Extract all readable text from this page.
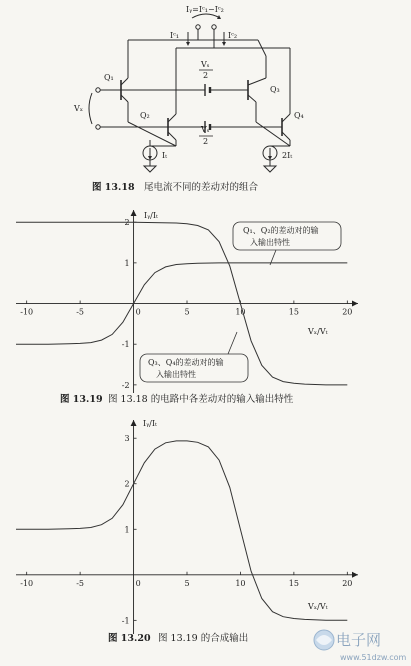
Iᵧ=Iᶜ₁−Iᶜ₂
Iᶜ₁	Iᶜ₂
Q₁
Q₂
Q₃
Q₄
Vₓ
Vₛ
2
Vₛ
2
Iₜ	2Iₜ
图 13.18 尾电流不同的差动对的组合
-10	-5	5	10	15	20
0
2
1
-1
-2
Iᵧ/Iₜ
Vₓ/Vₜ
Q₁、Q₂的差动对的输
入输出特性
Q₃、Q₄的差动对的输
入输出特性
图 13.19 图 13.18 的电路中各差动对的输入输出特性
-10	-5	5	10	15	20
0
3
2
1
-1
Iᵧ/Iₜ
Vₓ/Vₜ
图 13.20 图 13.19 的合成输出	电子网
www.51dzw.com
